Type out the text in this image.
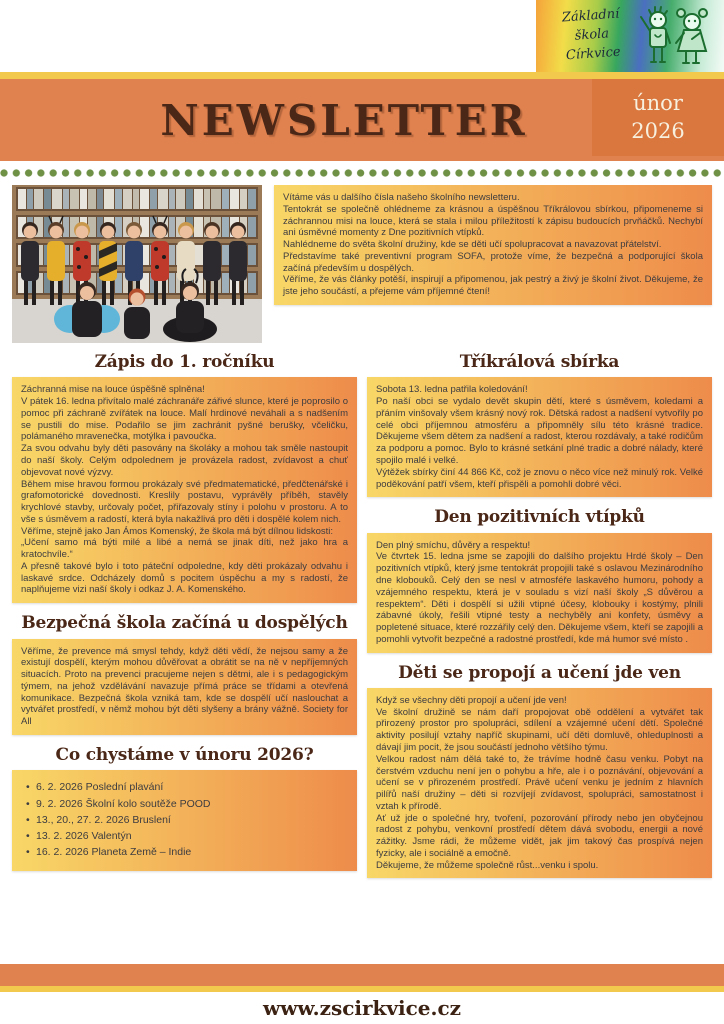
Základní
škola
Církvice
NEWSLETTER	únor
2026

Vítáme vás u dalšího čísla našeho školního newsletteru.

Tentokrát se společně ohlédneme za krásnou a úspěšnou Tříkrálovou sbírkou, připomeneme si záchrannou misi na louce, která se stala i milou příležitostí k zápisu budoucích prvňáčků. Nechybí ani úsměvné momenty z Dne pozitivních vtípků.

Nahlédneme do světa školní družiny, kde se děti učí spolupracovat a navazovat přátelství.

Představíme také preventivní program SOFA, protože víme, že bezpečná a podporující škola začíná především u dospělých.

Věříme, že vás články potěší, inspirují a připomenou, jak pestrý a živý je školní život. Děkujeme, že jste jeho součástí, a přejeme vám příjemné čtení!

Zápis do 1. ročníku

Záchranná mise na louce úspěšně splněna!

V pátek 16. ledna přivítalo malé záchranáře zářivé slunce, které je poprosilo o pomoc při záchraně zvířátek na louce. Malí hrdinové neváhali a s nadšením se pustili do mise. Podařilo se jim zachránit pyšné berušky, včeličku, polámaného mravenečka, motýlka i pavoučka.

Za svou odvahu byly děti pasovány na školáky a mohou tak směle nastoupit do naší školy. Celým odpolednem je provázela radost, zvídavost a chuť objevovat nové výzvy.

Během mise hravou formou prokázaly své předmatematické, předčtenářské i grafomotorické dovednosti. Kreslily postavu, vyprávěly příběh, stavěly krychlové stavby, určovaly počet, přiřazovaly stíny i polohu v prostoru. A to vše s úsměvem a radostí, která byla nakažlivá pro děti i dospělé kolem nich.

Věříme, stejně jako Jan Ámos Komenský, že škola má být dílnou lidskosti:

„Učení samo má býti milé a libé a nemá se jinak díti, než jako hra a kratochvíle.“

A přesně takové bylo i toto páteční odpoledne, kdy děti prokázaly odvahu i laskavé srdce. Odcházely domů s pocitem úspěchu a my s radostí, že naplňujeme vizi naší školy i odkaz J. A. Komenského.

Bezpečná škola začíná u dospělých

Věříme, že prevence má smysl tehdy, když děti vědí, že nejsou samy a že existují dospělí, kterým mohou důvěřovat a obrátit se na ně v nepříjemných situacích. Proto na prevenci pracujeme nejen s dětmi, ale i s pedagogickým týmem, na jehož vzdělávání navazuje přímá práce se třídami a otevřená komunikace. Bezpečná škola vzniká tam, kde se dospělí učí naslouchat a vytvářet prostředí, v němž mohou být děti slyšeny a brány vážně. Society for All

Co chystáme v únoru 2026?
• 6. 2. 2026 Poslední plavání
• 9. 2. 2026 Školní kolo soutěže POOD
• 13., 20., 27. 2. 2026 Bruslení
• 13. 2. 2026 Valentýn
• 16. 2. 2026 Planeta Země – Indie
Tříkrálová sbírka

Sobota 13. ledna patřila koledování!

Po naší obci se vydalo devět skupin dětí, které s úsměvem, koledami a přáním vinšovaly všem krásný nový rok. Dětská radost a nadšení vytvořily po celé obci příjemnou atmosféru a připomněly sílu této krásné tradice. Děkujeme všem dětem za nadšení a radost, kterou rozdávaly, a také rodičům za podporu a pomoc. Bylo to krásné setkání plné tradic a dobré nálady, které spojilo malé i velké.

Výtěžek sbírky činí 44 866 Kč, což je znovu o něco více než minulý rok. Velké poděkování patří všem, kteří přispěli a pomohli dobré věci.

Den pozitivních vtípků

Den plný smíchu, důvěry a respektu!

Ve čtvrtek 15. ledna jsme se zapojili do dalšího projektu Hrdé školy – Den pozitivních vtípků, který jsme tentokrát propojili také s oslavou Mezinárodního dne klobouků. Celý den se nesl v atmosféře laskavého humoru, pohody a vzájemného respektu, která je v souladu s vizí naší školy „S důvěrou a respektem“. Děti i dospělí si užili vtipné účesy, klobouky i kostýmy, plnili zábavné úkoly, řešili vtipné testy a nechyběly ani konfety, úsměvy a popletené situace, které rozzářily celý den. Děkujeme všem, kteří se zapojili a pomohli vytvořit bezpečné a radostné prostředí, kde má humor své místo .

Děti se propojí a učení jde ven

Když se všechny děti propojí a učení jde ven!

Ve školní družině se nám daří propojovat obě oddělení a vytvářet tak přirozený prostor pro spolupráci, sdílení a vzájemné učení dětí. Společné aktivity posilují vztahy napříč skupinami, učí děti domluvě, ohleduplnosti a dávají jim pocit, že jsou součástí jednoho většího týmu.

Velkou radost nám dělá také to, že trávíme hodně času venku. Pobyt na čerstvém vzduchu není jen o pohybu a hře, ale i o poznávání, objevování a učení se v přirozeném prostředí. Právě učení venku je jedním z hlavních pilířů naší družiny – děti si rozvíjejí zvídavost, spolupráci, samostatnost i vztah k přírodě.

Ať už jde o společné hry, tvoření, pozorování přírody nebo jen obyčejnou radost z pohybu, venkovní prostředí dětem dává svobodu, energii a nové zážitky. Jsme rádi, že můžeme vidět, jak jim takový čas prospívá nejen fyzicky, ale i sociálně a emočně.

Děkujeme, že můžeme společně růst...venku i spolu.

www.zscirkvice.cz
